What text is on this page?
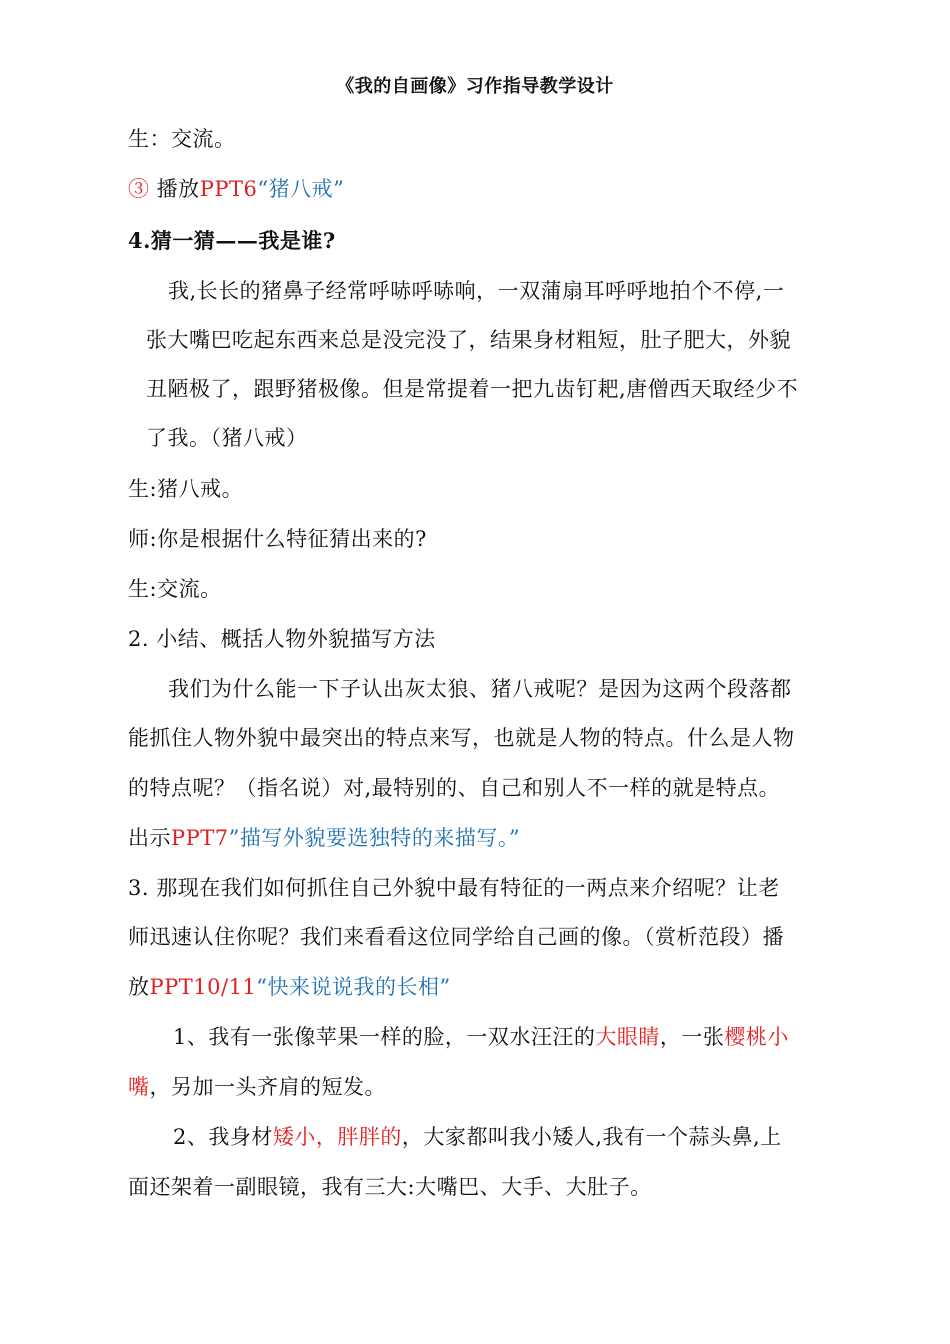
《我的自画像》习作指导教学设计
生：交流。
③ 播放PPT6“猪八戒”
4.猜一猜——我是谁?
我,长长的猪鼻子经常呼哧呼哧响，一双蒲扇耳呼呼地拍个不停,一
张大嘴巴吃起东西来总是没完没了，结果身材粗短，肚子肥大，外貌
丑陋极了，跟野猪极像。但是常提着一把九齿钉耙,唐僧西天取经少不
了我。（猪八戒）
生:猪八戒。
师:你是根据什么特征猜出来的?
生:交流。
2. 小结、概括人物外貌描写方法
我们为什么能一下子认出灰太狼、猪八戒呢？是因为这两个段落都
能抓住人物外貌中最突出的特点来写，也就是人物的特点。什么是人物
的特点呢？（指名说）对,最特别的、自己和别人不一样的就是特点。
出示PPT7”描写外貌要选独特的来描写。”
3. 那现在我们如何抓住自己外貌中最有特征的一两点来介绍呢？让老
师迅速认住你呢？我们来看看这位同学给自己画的像。（赏析范段）播
放PPT10/11“快来说说我的长相”
1、我有一张像苹果一样的脸，一双水汪汪的大眼睛，一张樱桃小
嘴，另加一头齐肩的短发。
2、我身材矮小，胖胖的，大家都叫我小矮人,我有一个蒜头鼻,上
面还架着一副眼镜，我有三大:大嘴巴、大手、大肚子。
